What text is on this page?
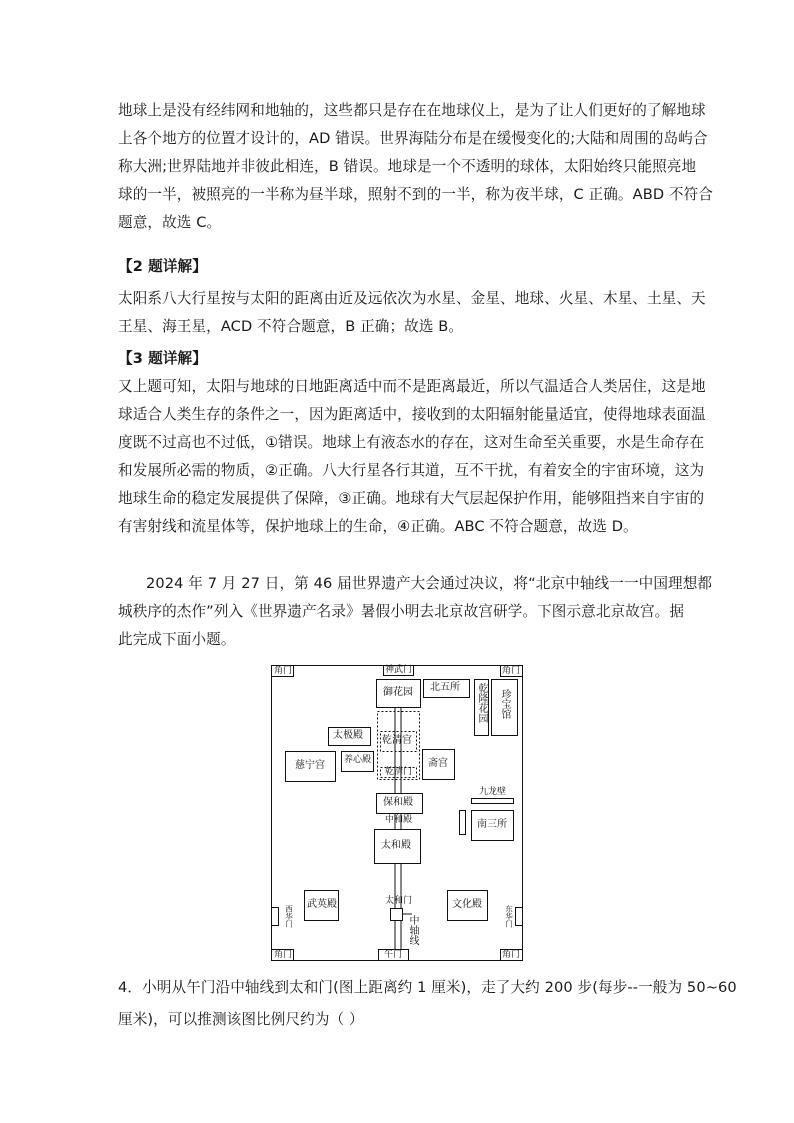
地球上是没有经纬网和地轴的，这些都只是存在在地球仪上，是为了让人们更好的了解地球
上各个地方的位置才设计的，AD 错误。世界海陆分布是在缓慢变化的;大陆和周围的岛屿合
称大洲;世界陆地并非彼此相连，B 错误。地球是一个不透明的球体，太阳始终只能照亮地
球的一半，被照亮的一半称为昼半球，照射不到的一半，称为夜半球，C 正确。ABD 不符合
题意，故选 C。
【2 题详解】
太阳系八大行星按与太阳的距离由近及远依次为水星、金星、地球、火星、木星、土星、天
王星、海王星，ACD 不符合题意，B 正确；故选 B。
【3 题详解】
又上题可知，太阳与地球的日地距离适中而不是距离最近，所以气温适合人类居住，这是地
球适合人类生存的条件之一，因为距离适中，接收到的太阳辐射能量适宜，使得地球表面温
度既不过高也不过低，①错误。地球上有液态水的存在，这对生命至关重要，水是生命存在
和发展所必需的物质，②正确。八大行星各行其道，互不干扰，有着安全的宇宙环境，这为
地球生命的稳定发展提供了保障，③正确。地球有大气层起保护作用，能够阻挡来自宇宙的
有害射线和流星体等，保护地球上的生命，④正确。ABC 不符合题意，故选 D。
2024 年 7 月 27 日，第 46 届世界遗产大会通过决议，将“北京中轴线一一中国理想都
城秩序的杰作”列入《世界遗产名录》暑假小明去北京故宫研学。下图示意北京故宫。据
此完成下面小题。
角门	角门
角门	角门
神武门
御花园 北五所 乾隆花园 珍宝馆
太极殿 乾清宫
慈宁宫 养心殿	斋宫
乾清门
九龙壁
保和殿
中和殿	南三所
太和殿
太和门
武英殿	文化殿
西华门	东华门
中轴线
午门
4．小明从午门沿中轴线到太和门(图上距离约 1 厘米)，走了大约 200 步(每步--一般为 50~60
厘米)，可以推测该图比例尺约为（ ）
